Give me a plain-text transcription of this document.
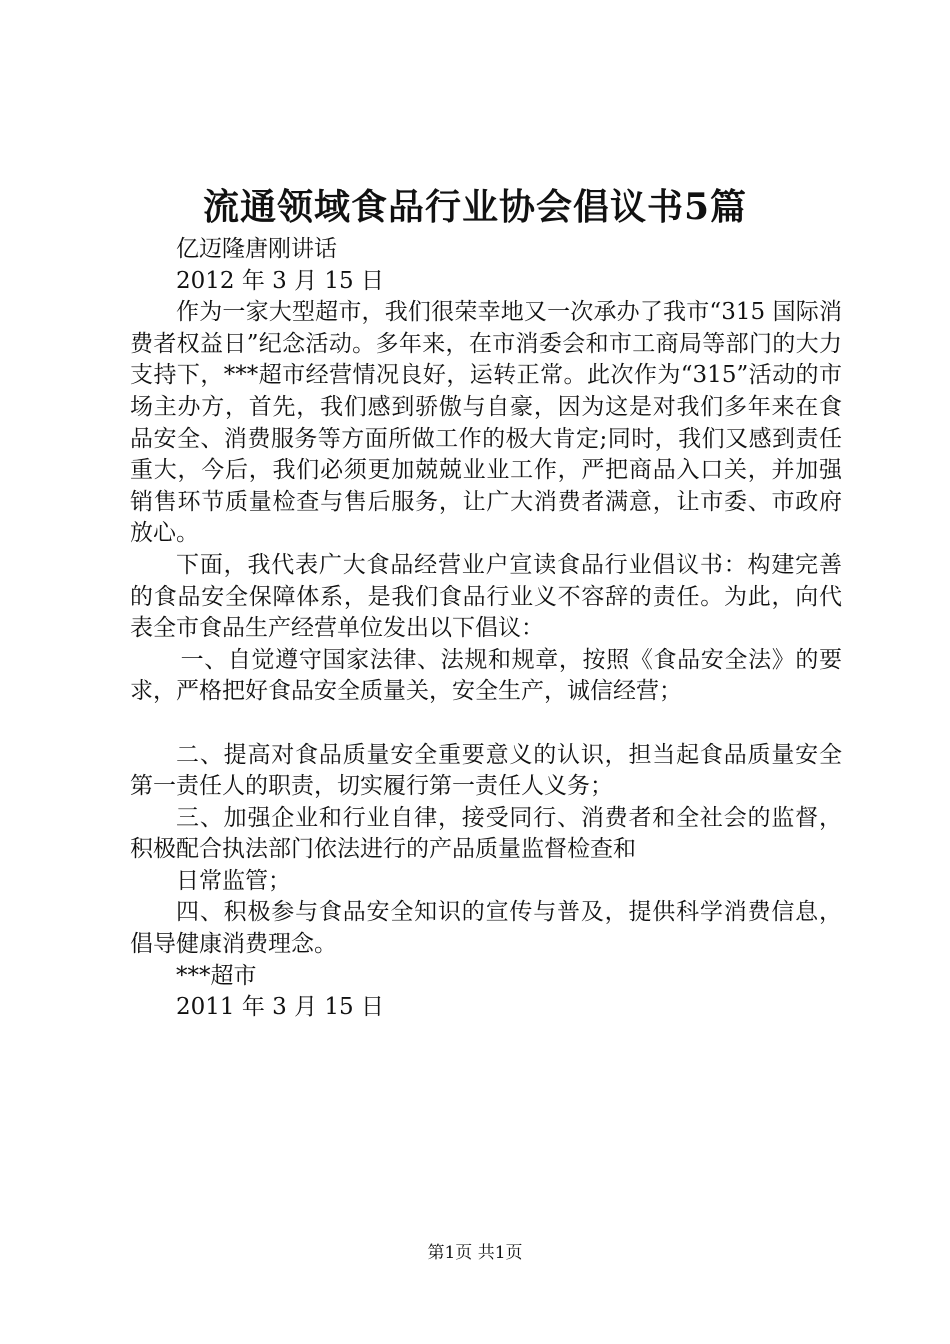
流通领域食品行业协会倡议书5篇

亿迈隆唐刚讲话

2012 年 3 月 15 日

作为一家大型超市，我们很荣幸地又一次承办了我市“315 国际消费者权益日”纪念活动。多年来，在市消委会和市工商局等部门的大力支持下，***超市经营情况良好，运转正常。此次作为“315”活动的市场主办方，首先，我们感到骄傲与自豪，因为这是对我们多年来在食品安全、消费服务等方面所做工作的极大肯定;同时，我们又感到责任重大，今后，我们必须更加兢兢业业工作，严把商品入口关，并加强销售环节质量检查与售后服务，让广大消费者满意，让市委、市政府放心。

下面，我代表广大食品经营业户宣读食品行业倡议书：构建完善的食品安全保障体系，是我们食品行业义不容辞的责任。为此，向代表全市食品生产经营单位发出以下倡议：

一、自觉遵守国家法律、法规和规章，按照《食品安全法》的要求，严格把好食品安全质量关，安全生产，诚信经营；

二、提高对食品质量安全重要意义的认识，担当起食品质量安全第一责任人的职责，切实履行第一责任人义务；

三、加强企业和行业自律，接受同行、消费者和全社会的监督，积极配合执法部门依法进行的产品质量监督检查和

日常监管；

四、积极参与食品安全知识的宣传与普及，提供科学消费信息，倡导健康消费理念。

***超市

2011 年 3 月 15 日

第1页 共1页
